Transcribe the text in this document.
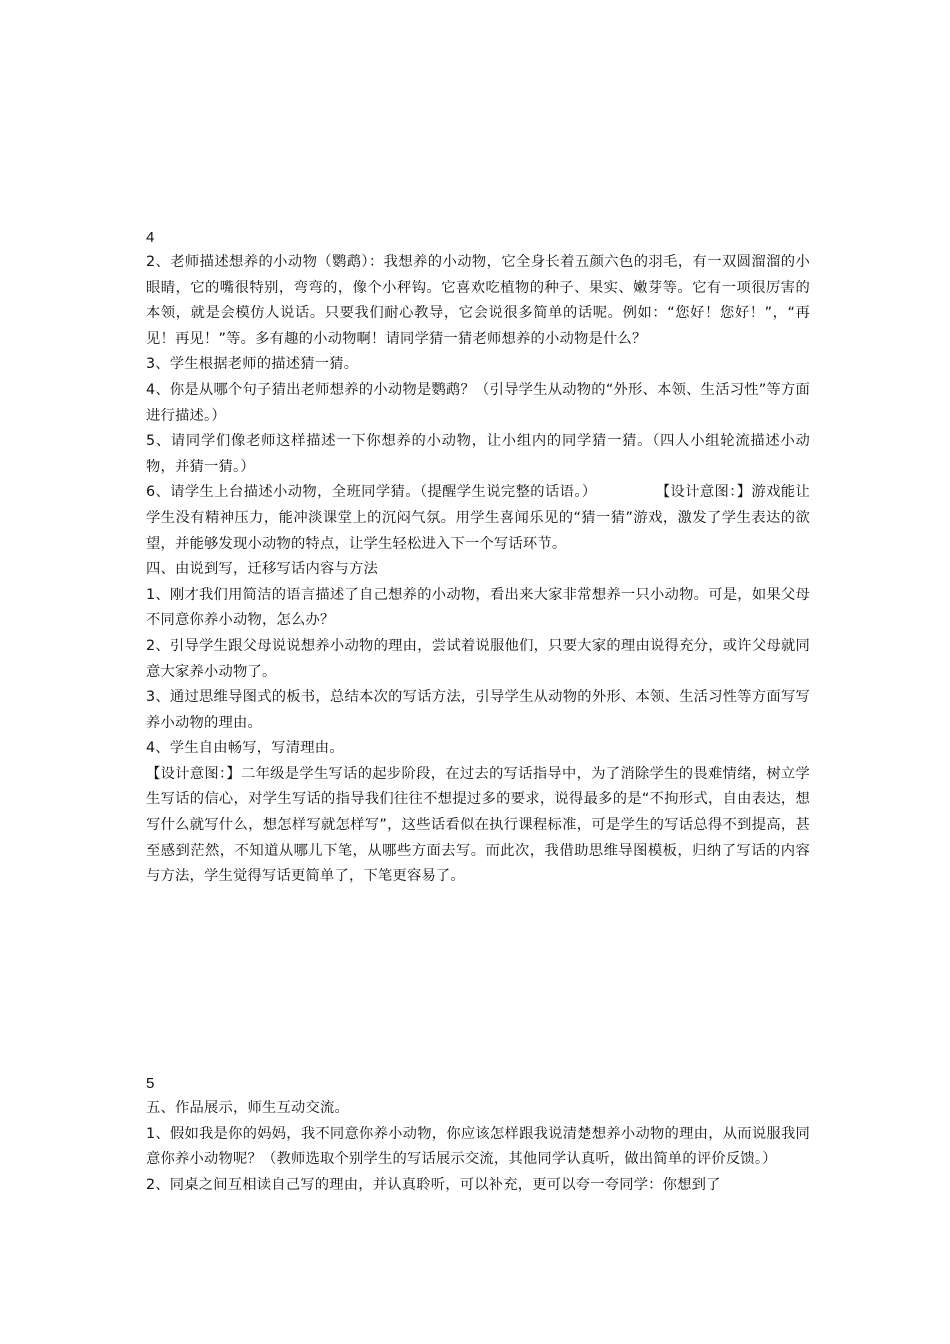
4

2、老师描述想养的小动物（鹦鹉）：我想养的小动物，它全身长着五颜六色的羽毛，有一双圆溜溜的小眼睛，它的嘴很特别，弯弯的，像个小秤钩。它喜欢吃植物的种子、果实、嫩芽等。它有一项很厉害的本领，就是会模仿人说话。只要我们耐心教导，它会说很多简单的话呢。例如：“您好！您好！”，“再见！再见！”等。多有趣的小动物啊！请同学猜一猜老师想养的小动物是什么？

3、学生根据老师的描述猜一猜。

4、你是从哪个句子猜出老师想养的小动物是鹦鹉？（引导学生从动物的“外形、本领、生活习性”等方面进行描述。）

5、请同学们像老师这样描述一下你想养的小动物，让小组内的同学猜一猜。（四人小组轮流描述小动物，并猜一猜。）

6、请学生上台描述小动物，全班同学猜。（提醒学生说完整的话语。）　　　　　【设计意图：】游戏能让学生没有精神压力，能冲淡课堂上的沉闷气氛。用学生喜闻乐见的“猜一猜”游戏，激发了学生表达的欲望，并能够发现小动物的特点，让学生轻松进入下一个写话环节。

四、由说到写，迁移写话内容与方法

1、刚才我们用简洁的语言描述了自己想养的小动物，看出来大家非常想养一只小动物。可是，如果父母不同意你养小动物，怎么办？

2、引导学生跟父母说说想养小动物的理由，尝试着说服他们，只要大家的理由说得充分，或许父母就同意大家养小动物了。

3、通过思维导图式的板书，总结本次的写话方法，引导学生从动物的外形、本领、生活习性等方面写写养小动物的理由。

4、学生自由畅写，写清理由。

【设计意图：】二年级是学生写话的起步阶段，在过去的写话指导中，为了消除学生的畏难情绪，树立学生写话的信心，对学生写话的指导我们往往不想提过多的要求，说得最多的是“不拘形式，自由表达，想写什么就写什么，想怎样写就怎样写”，这些话看似在执行课程标准，可是学生的写话总得不到提高，甚至感到茫然，不知道从哪儿下笔，从哪些方面去写。而此次，我借助思维导图模板，归纳了写话的内容与方法，学生觉得写话更简单了，下笔更容易了。

5

五、作品展示，师生互动交流。

1、假如我是你的妈妈，我不同意你养小动物，你应该怎样跟我说清楚想养小动物的理由，从而说服我同意你养小动物呢？（教师选取个别学生的写话展示交流，其他同学认真听，做出简单的评价反馈。）

2、同桌之间互相读自己写的理由，并认真聆听，可以补充，更可以夸一夸同学：你想到了
